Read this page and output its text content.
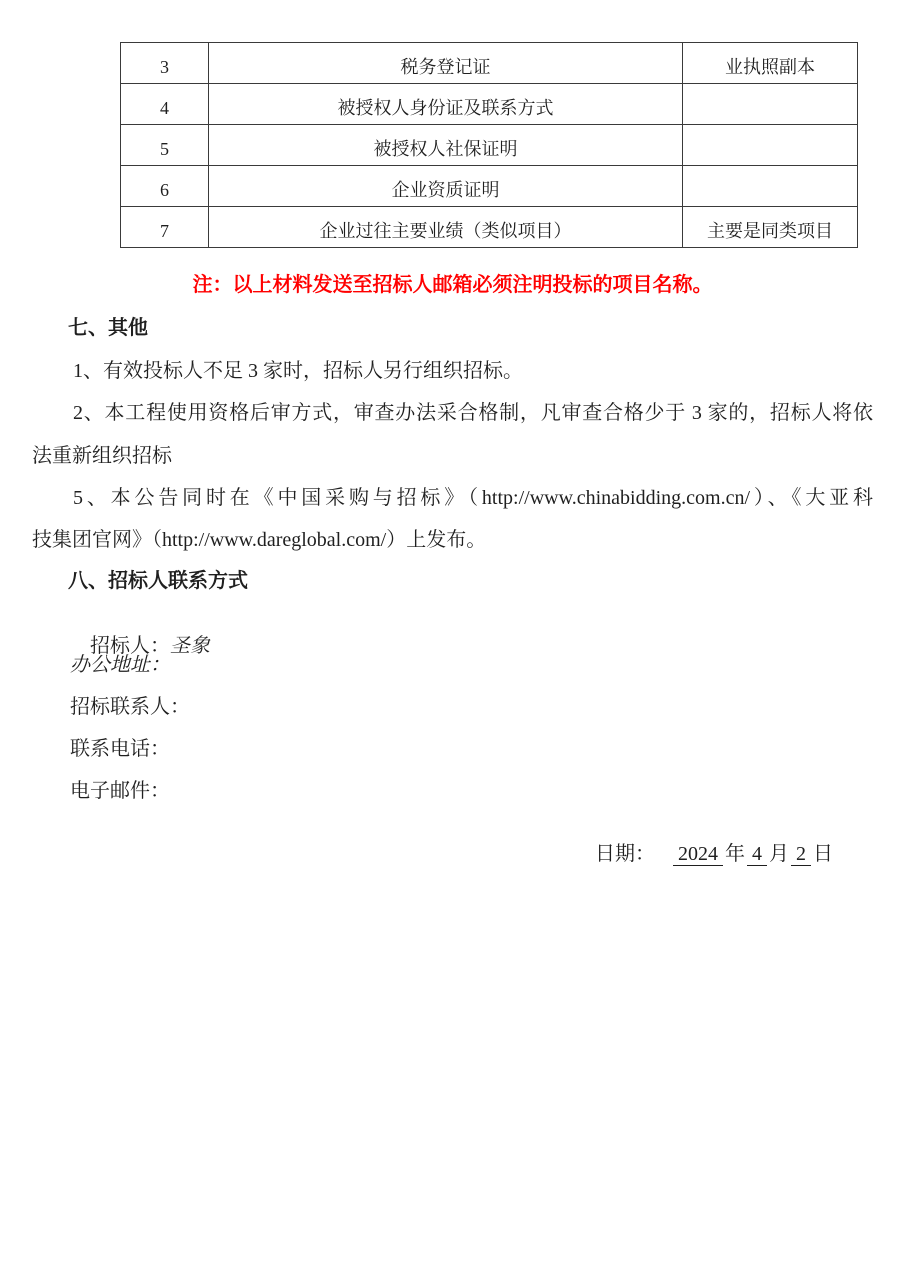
3	税务登记证	业执照副本
4	被授权人身份证及联系方式	
5	被授权人社保证明	
6	企业资质证明	
7	企业过往主要业绩（类似项目）	主要是同类项目
注：以上材料发送至招标人邮箱必须注明投标的项目名称。
七、其他
1、有效投标人不足 3 家时，招标人另行组织招标。
2、本工程使用资格后审方式，审查办法采合格制，凡审查合格少于 3 家的，招标人将依
法重新组织招标
5、本公告同时在《中国采购与招标》（http://www.chinabidding.com.cn/）、《大亚科
技集团官网》（http://www.dareglobal.com/）上发布。
八、招标人联系方式

招标人：圣象

办公地址：
招标联系人：
联系电话：
电子邮件：

日期： 2024 年 4 月 2 日
